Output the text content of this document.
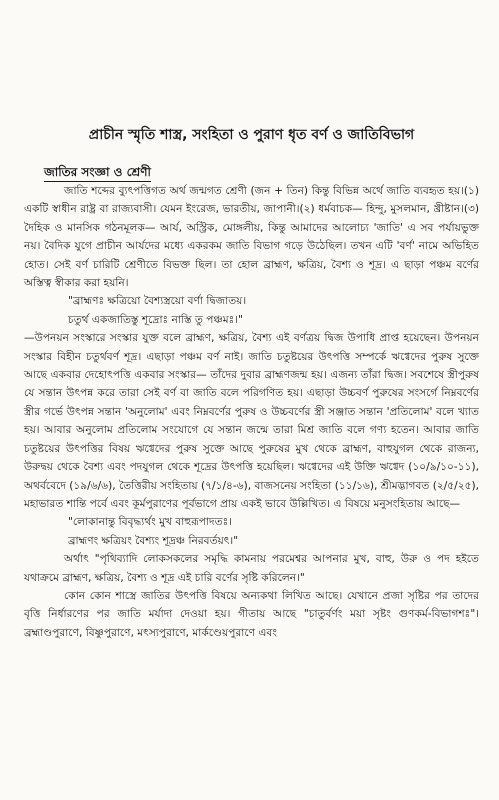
প্রাচীন স্মৃতি শাস্ত্র, সংহিতা ও পুরাণ ধৃত বর্ণ ও জাতিবিভাগ
জাতির সংজ্ঞা ও শ্রেণী

জাতি শব্দের ব্যুৎপত্তিগত অর্থ জন্মগত শ্রেণী (জন + তিন) কিন্তু বিভিন্ন অর্থে জাতি ব্যবহৃত হয়।(১) একটি স্বাধীন রাষ্ট্র বা রাজ্যবাসী। যেমন ইংরেজ, ভারতীয়, জাপানী।(২) ধর্মবাচক— হিন্দু, মুসলমান, খ্রীষ্টান।(৩) দৈহিক ও মানসিক গঠনমূলক— আর্য, অস্ট্রিক, মোঙ্গলীয়, কিন্তু আমাদের আলোচ্য 'জাতি' এ সব পর্যায়ভুক্ত নয়। বৈদিক যুগে প্রাচীন আর্যদের মধ্যে একরকম জাতি বিভাগ গড়ে উঠেছিল। তখন এটি 'বর্ণ' নামে অভিহিত হোত। সেই বর্ণ চারিটি শ্রেণীতে বিভক্ত ছিল। তা হোল ব্রাহ্মণ, ক্ষত্রিয়, বৈশ্য ও শূদ্র। এ ছাড়া পঞ্চম বর্ণের অস্তিত্ব স্বীকার করা হয়নি।

"ব্রাহ্মণঃ ক্ষত্রিয়ো বৈশ্যস্ত্রয়ো বর্ণা দ্বিজাতয়।

চতুর্থ একজাতিস্তু শূদ্রোঃ নাস্তি তু পঞ্চমঃ।"

—উপনয়ন সংস্কারে সংস্কার যুক্ত বলে ব্রাহ্মণ, ক্ষত্রিয়, বৈশ্য এই বর্ণত্রয় দ্বিজ উপাধি প্রাপ্ত হয়েছেন। উপনয়ন সংস্কার বিহীন চতুর্থবর্ণ শূদ্র। এছাড়া পঞ্চম বর্ণ নাই। জাতি চতুষ্টয়ের উৎপত্তি সম্পর্কে ঋগ্বেদের পুরুষ সুক্তে আছে একবার দেহোৎপত্তি একবার সংস্কার— তাঁদের দুবার ব্রাহ্মণজন্ম হয়। এজন্য তাঁরা দ্বিজ। সবশেষে স্ত্রীপুরুষ যে সন্তান উৎপন্ন করে তারা সেই বর্ণ বা জাতি বলে পরিগণিত হয়। এছাড়া উচ্চবর্ণ পুরুষের সংসর্গে নিম্নবর্ণের স্ত্রীর গর্ভে উৎপন্ন সন্তান 'অনুলোম' এবং নিম্নবর্ণের পুরুষ ও উচ্চবর্ণের স্ত্রী সঞ্জাত সন্তান 'প্রতিলোম' বলে খ্যাত হয়। আবার অনুলোম প্রতিলোম সংযোগে যে সন্তান জন্মে তারা মিশ্র জাতি বলে গণ্য হতেন। আবার জাতি চতুষ্টয়ের উৎপত্তির বিষয় ঋগ্বেদের পুরুষ সুক্তে আছে পুরুষের মুখ থেকে ব্রাহ্মণ, বাহুযুগল থেকে রাজন্য, উরুদ্বয় থেকে বৈশ্য এবং পদযুগল থেকে শূদ্রের উৎপত্তি হয়েছিল। ঋগ্বেদের এই উক্তি ঋগ্বেদ (১০/৯/১০-১১), অথর্ববেদে (১৯/৬/৬), তৈত্তিরীয় সংহিতায় (৭/১/৪-৬), বাজসনেয় সংহিতা (১১/১৬), শ্রীমদ্ভাগবত (২/৫/২৫), মহাভারত শান্তি পর্বে এবং কূর্মপুরাণের পূর্বভাগে প্রায় একই ভাবে উল্লিখিত। এ বিষয়ে মনুসংহিতায় আছে—

"লোকানান্তু বিবৃদ্ধ্যর্থং মুখ বাহুরূপাদতঃ।

ব্রাহ্মণং ক্ষত্রিয়ং বৈশ্যং শূদ্রঞ্চ নিরবর্তয়ৎ।"

অর্থাৎ "পৃথিব্যাদি লোকসকলের সমৃদ্ধি কামনায় পরমেশ্বর আপনার মুখ, বাহু, উরু ও পদ হইতে যথাক্রমে ব্রাহ্মণ, ক্ষত্রিয়, বৈশ্য ও শূদ্র এই চারি বর্ণের সৃষ্টি করিলেন।"

কোন কোন শাস্ত্রে জাতির উৎপত্তি বিষয়ে অন্যকথা লিখিত আছে। যেখানে প্রজা সৃষ্টির পর তাদের বৃত্তি নির্ধারণের পর জাতি মর্যাদা দেওয়া হয়। গীতায় আছে "চাতুর্বর্ণং ময়া সৃষ্টং গুণকর্ম-বিভাগশঃ"। ব্রহ্মাণ্ডপুরাণে, বিষ্ণুপুরাণে, মৎস্যপুরাণে, মার্কণ্ডেয়পুরাণে এবং
